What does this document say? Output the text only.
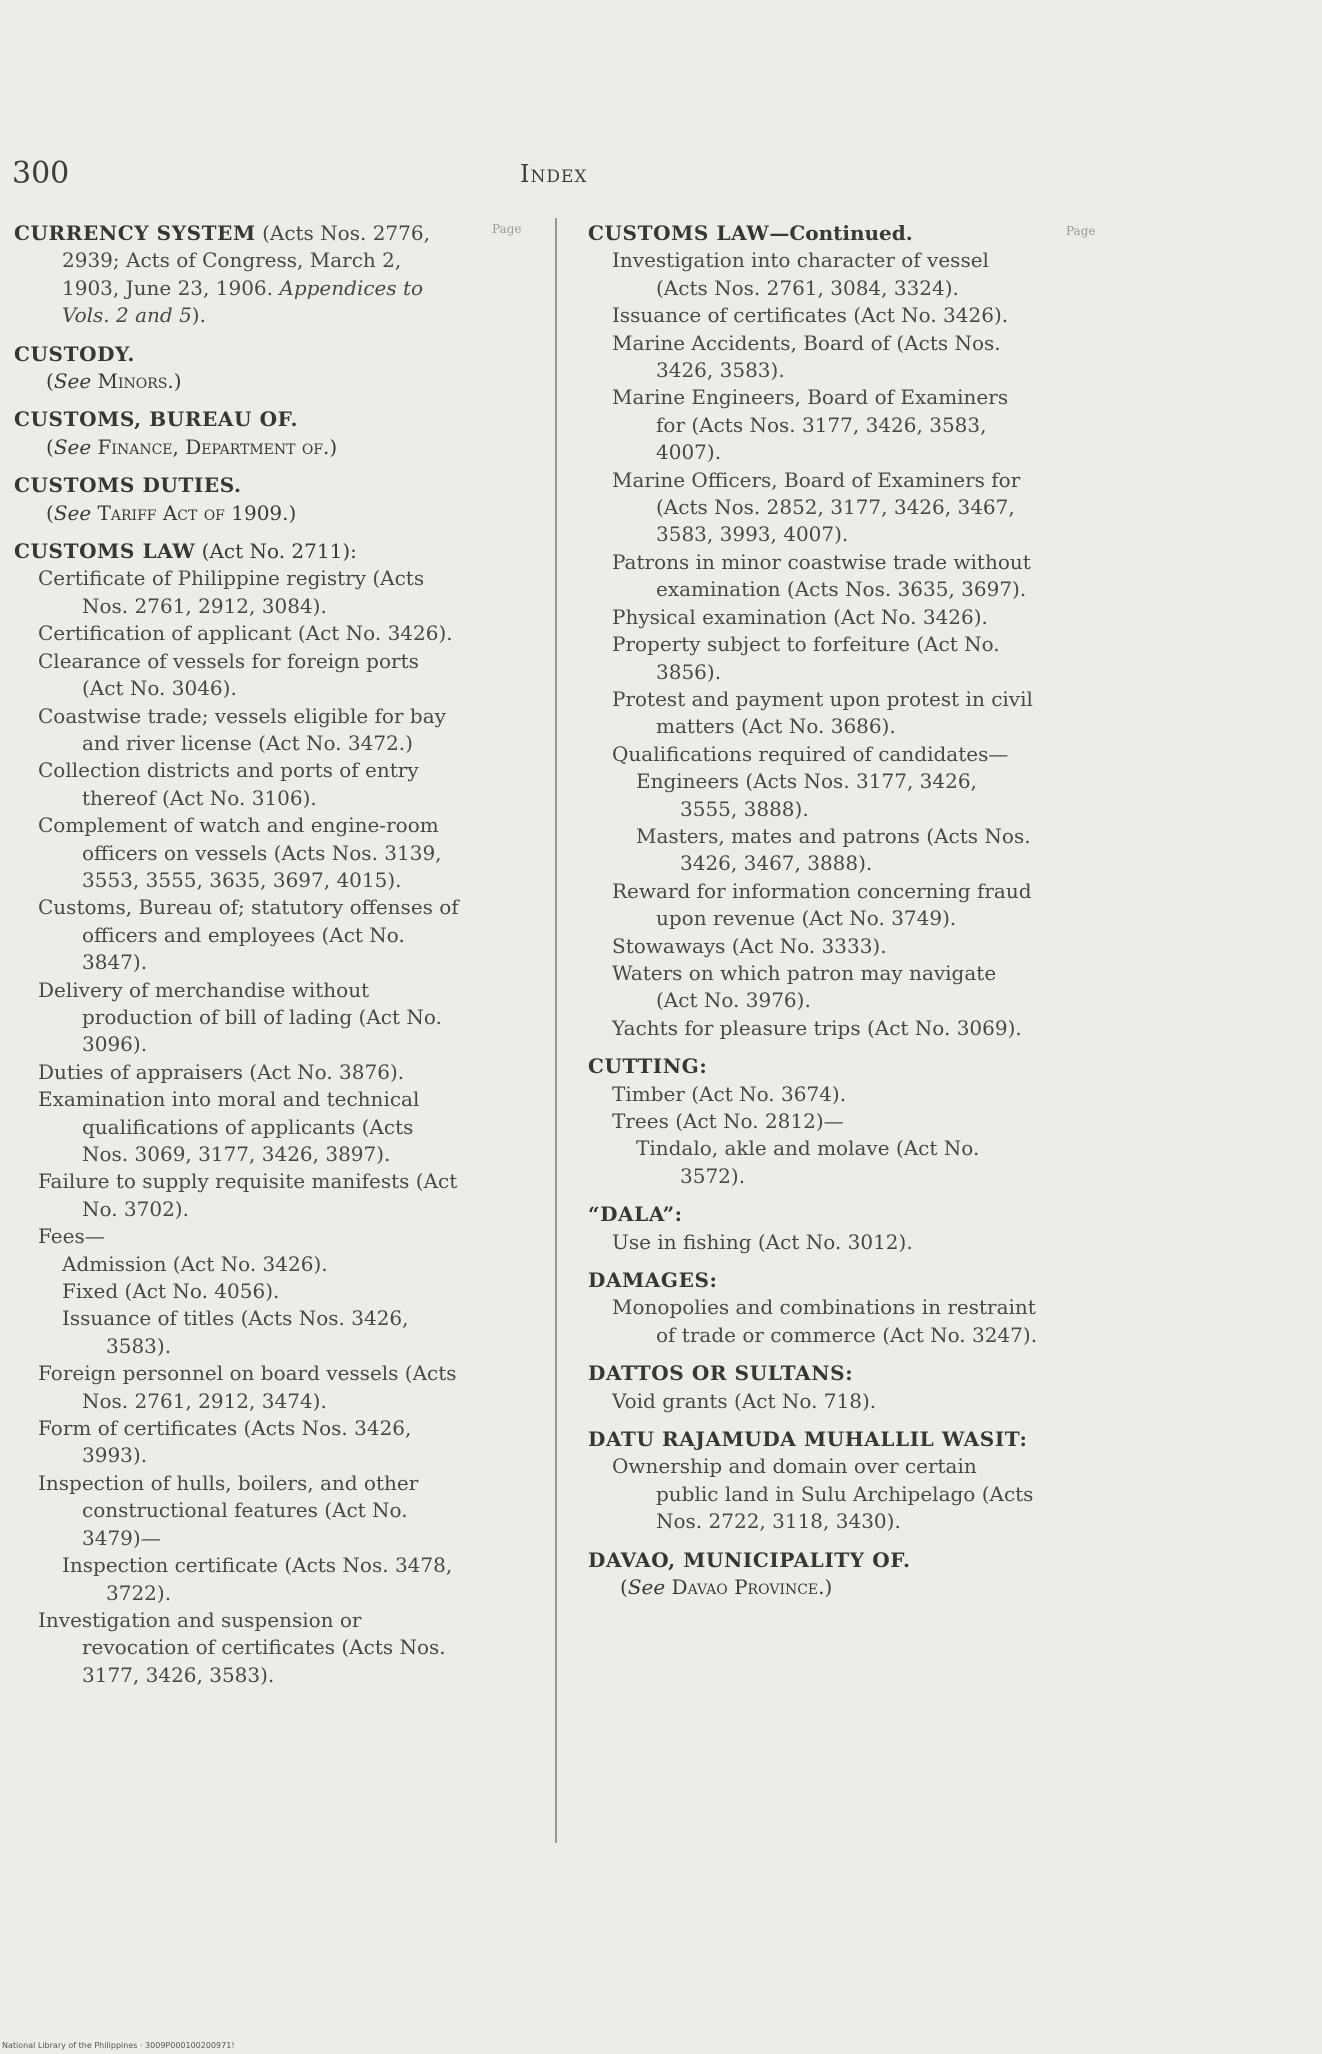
300	Index
Page	Page
CURRENCY SYSTEM (Acts Nos. 2776, 2939; Acts of Congress, March 2, 1903, June 23, 1906. Appendices to Vols. 2 and 5).
CUSTODY.
(See Minors.)
CUSTOMS, BUREAU OF.
(See Finance, Department of.)
CUSTOMS DUTIES.
(See Tariff Act of 1909.)
CUSTOMS LAW (Act No. 2711):
Certificate of Philippine registry (Acts Nos. 2761, 2912, 3084).
Certification of applicant (Act No. 3426).
Clearance of vessels for foreign ports (Act No. 3046).
Coastwise trade; vessels eligible for bay and river license (Act No. 3472.)
Collection districts and ports of entry thereof (Act No. 3106).
Complement of watch and engine-room officers on vessels (Acts Nos. 3139, 3553, 3555, 3635, 3697, 4015).
Customs, Bureau of; statutory offenses of officers and employees (Act No. 3847).
Delivery of merchandise without production of bill of lading (Act No. 3096).
Duties of appraisers (Act No. 3876).
Examination into moral and technical qualifications of applicants (Acts Nos. 3069, 3177, 3426, 3897).
Failure to supply requisite manifests (Act No. 3702).
Fees—
Admission (Act No. 3426).
Fixed (Act No. 4056).
Issuance of titles (Acts Nos. 3426, 3583).
Foreign personnel on board vessels (Acts Nos. 2761, 2912, 3474).
Form of certificates (Acts Nos. 3426, 3993).
Inspection of hulls, boilers, and other constructional features (Act No. 3479)—
Inspection certificate (Acts Nos. 3478, 3722).
Investigation and suspension or revocation of certificates (Acts Nos. 3177, 3426, 3583).
CUSTOMS LAW—Continued.
Investigation into character of vessel (Acts Nos. 2761, 3084, 3324).
Issuance of certificates (Act No. 3426).
Marine Accidents, Board of (Acts Nos. 3426, 3583).
Marine Engineers, Board of Examiners for (Acts Nos. 3177, 3426, 3583, 4007).
Marine Officers, Board of Examiners for (Acts Nos. 2852, 3177, 3426, 3467, 3583, 3993, 4007).
Patrons in minor coastwise trade without examination (Acts Nos. 3635, 3697).
Physical examination (Act No. 3426).
Property subject to forfeiture (Act No. 3856).
Protest and payment upon protest in civil matters (Act No. 3686).
Qualifications required of candidates—
Engineers (Acts Nos. 3177, 3426, 3555, 3888).
Masters, mates and patrons (Acts Nos. 3426, 3467, 3888).
Reward for information concerning fraud upon revenue (Act No. 3749).
Stowaways (Act No. 3333).
Waters on which patron may navigate (Act No. 3976).
Yachts for pleasure trips (Act No. 3069).
CUTTING:
Timber (Act No. 3674).
Trees (Act No. 2812)—
Tindalo, akle and molave (Act No. 3572).
“DALA”:
Use in fishing (Act No. 3012).
DAMAGES:
Monopolies and combinations in restraint of trade or commerce (Act No. 3247).
DATTOS OR SULTANS:
Void grants (Act No. 718).
DATU RAJAMUDA MUHALLIL WASIT:
Ownership and domain over certain public land in Sulu Archipelago (Acts Nos. 2722, 3118, 3430).
DAVAO, MUNICIPALITY OF.
(See Davao Province.)
National Library of the Philippines · 3009P000100200971!
